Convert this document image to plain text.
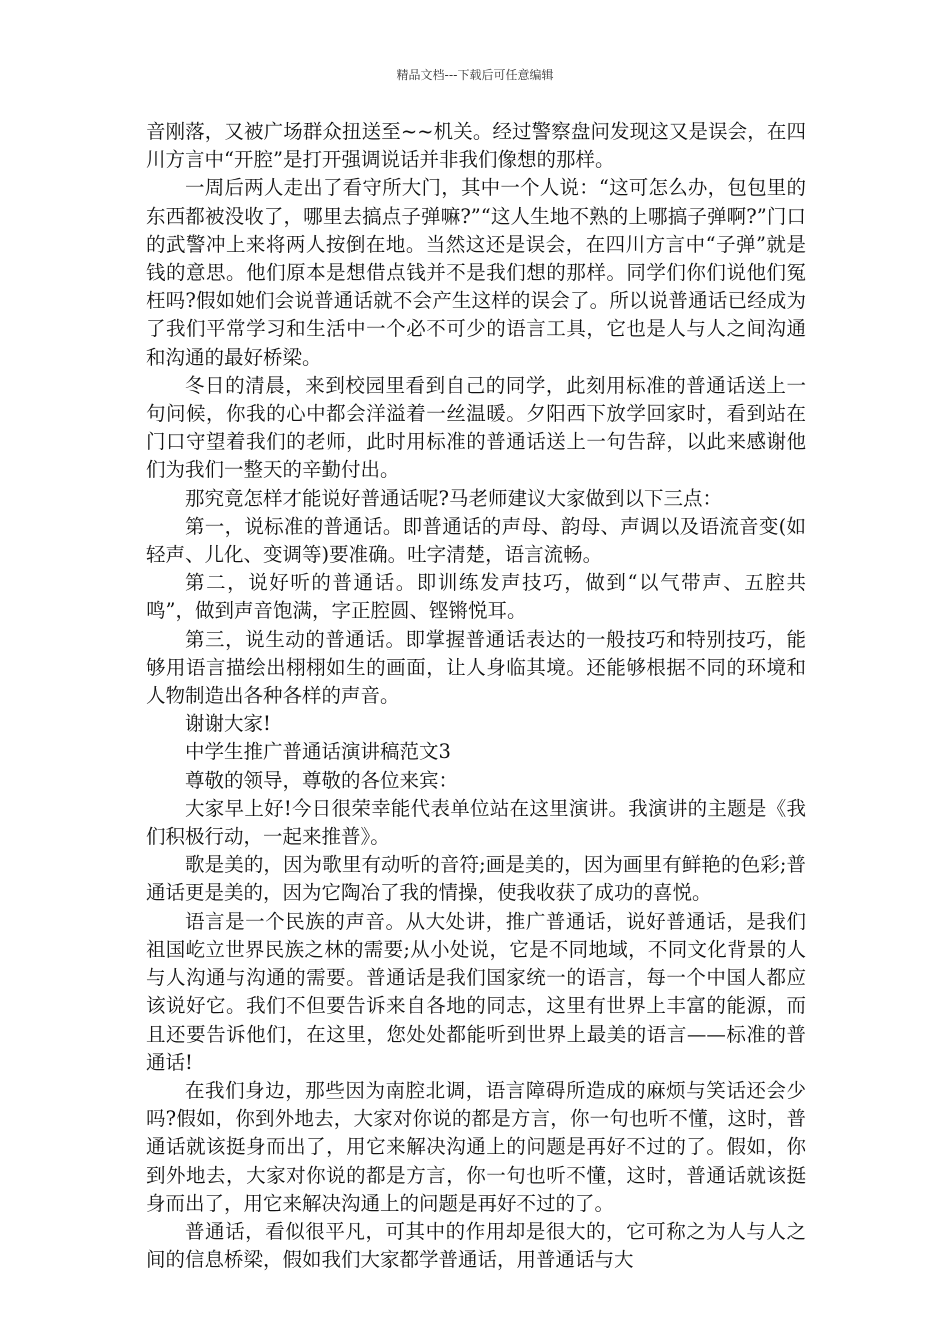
精品文档---下载后可任意编辑

音刚落，又被广场群众扭送至~~机关。经过警察盘问发现这又是误会，在四川方言中“开腔”是打开强调说话并非我们像想的那样。

一周后两人走出了看守所大门，其中一个人说：“这可怎么办，包包里的东西都被没收了，哪里去搞点子弹嘛?”“这人生地不熟的上哪搞子弹啊?”门口的武警冲上来将两人按倒在地。当然这还是误会，在四川方言中“子弹”就是钱的意思。他们原本是想借点钱并不是我们想的那样。同学们你们说他们冤枉吗?假如她们会说普通话就不会产生这样的误会了。所以说普通话已经成为了我们平常学习和生活中一个必不可少的语言工具，它也是人与人之间沟通和沟通的最好桥梁。

冬日的清晨，来到校园里看到自己的同学，此刻用标准的普通话送上一句问候，你我的心中都会洋溢着一丝温暖。夕阳西下放学回家时，看到站在门口守望着我们的老师，此时用标准的普通话送上一句告辞，以此来感谢他们为我们一整天的辛勤付出。

那究竟怎样才能说好普通话呢?马老师建议大家做到以下三点：

第一，说标准的普通话。即普通话的声母、韵母、声调以及语流音变(如轻声、儿化、变调等)要准确。吐字清楚，语言流畅。

第二，说好听的普通话。即训练发声技巧，做到“以气带声、五腔共鸣”，做到声音饱满，字正腔圆、铿锵悦耳。

第三，说生动的普通话。即掌握普通话表达的一般技巧和特别技巧，能够用语言描绘出栩栩如生的画面，让人身临其境。还能够根据不同的环境和人物制造出各种各样的声音。

谢谢大家!

中学生推广普通话演讲稿范文3

尊敬的领导，尊敬的各位来宾：

大家早上好!今日很荣幸能代表单位站在这里演讲。我演讲的主题是《我们积极行动，一起来推普》。

歌是美的，因为歌里有动听的音符;画是美的，因为画里有鲜艳的色彩;普通话更是美的，因为它陶冶了我的情操，使我收获了成功的喜悦。

语言是一个民族的声音。从大处讲，推广普通话，说好普通话，是我们祖国屹立世界民族之林的需要;从小处说，它是不同地域，不同文化背景的人与人沟通与沟通的需要。普通话是我们国家统一的语言，每一个中国人都应该说好它。我们不但要告诉来自各地的同志，这里有世界上丰富的能源，而且还要告诉他们，在这里，您处处都能听到世界上最美的语言——标准的普通话!

在我们身边，那些因为南腔北调，语言障碍所造成的麻烦与笑话还会少吗?假如，你到外地去，大家对你说的都是方言，你一句也听不懂，这时，普通话就该挺身而出了，用它来解决沟通上的问题是再好不过的了。假如，你到外地去，大家对你说的都是方言，你一句也听不懂，这时，普通话就该挺身而出了，用它来解决沟通上的问题是再好不过的了。

普通话，看似很平凡，可其中的作用却是很大的，它可称之为人与人之间的信息桥梁，假如我们大家都学普通话，用普通话与大
